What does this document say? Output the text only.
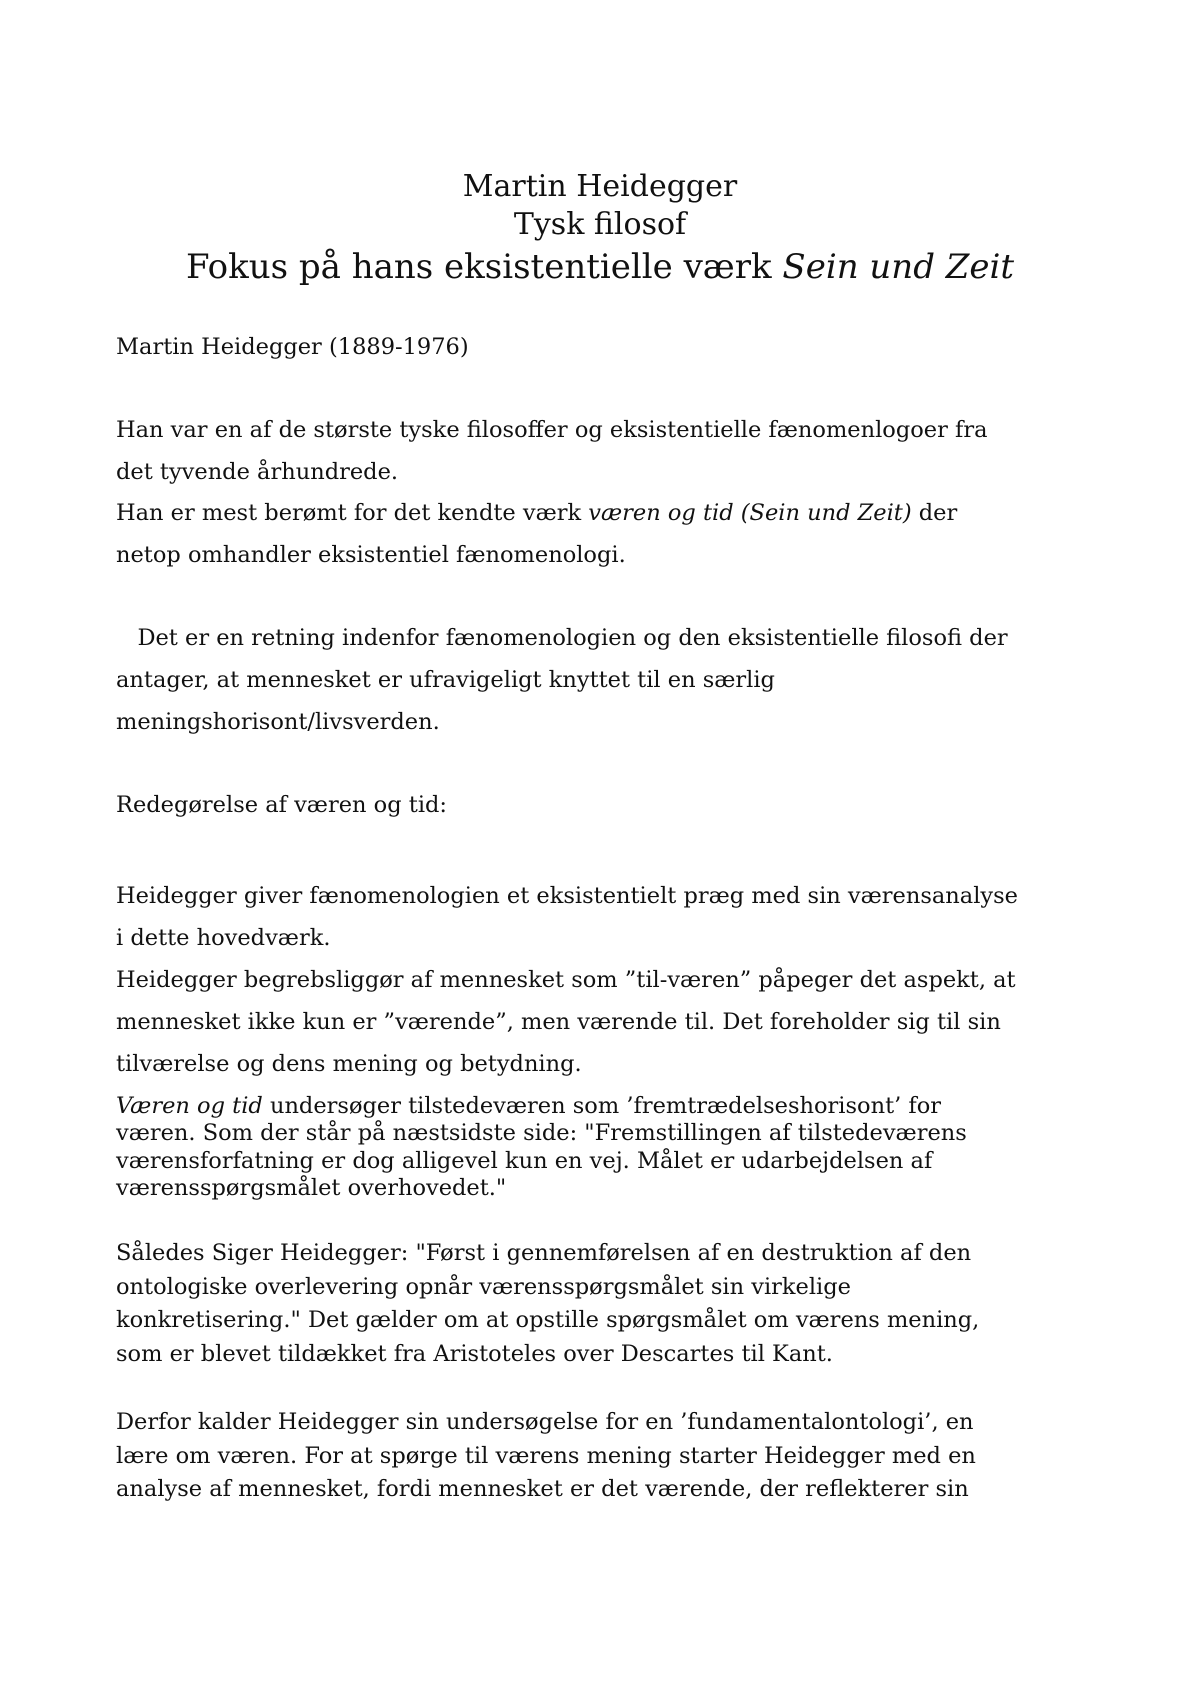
Martin Heidegger
Tysk filosof
Fokus på hans eksistentielle værk Sein und Zeit

Martin Heidegger (1889-1976)

Han var en af de største tyske filosoffer og eksistentielle fænomenlogoer fra

det tyvende århundrede.

Han er mest berømt for det kendte værk væren og tid (Sein und Zeit) der

netop omhandler eksistentiel fænomenologi.

Det er en retning indenfor fænomenologien og den eksistentielle filosofi der

antager, at mennesket er ufravigeligt knyttet til en særlig

meningshorisont/livsverden.

Redegørelse af væren og tid:

Heidegger giver fænomenologien et eksistentielt præg med sin værensanalyse

i dette hovedværk.

Heidegger begrebsliggør af mennesket som ”til-væren” påpeger det aspekt, at

mennesket ikke kun er ”værende”, men værende til. Det foreholder sig til sin

tilværelse og dens mening og betydning.

Væren og tid undersøger tilstedeværen som ’fremtrædelseshorisont’ for

væren. Som der står på næstsidste side: "Fremstillingen af tilstedeværens

værensforfatning er dog alligevel kun en vej. Målet er udarbejdelsen af

værensspørgsmålet overhovedet."

Således Siger Heidegger: "Først i gennemførelsen af en destruktion af den

ontologiske overlevering opnår værensspørgsmålet sin virkelige

konkretisering." Det gælder om at opstille spørgsmålet om værens mening,

som er blevet tildækket fra Aristoteles over Descartes til Kant.

Derfor kalder Heidegger sin undersøgelse for en ’fundamentalontologi’, en

lære om væren. For at spørge til værens mening starter Heidegger med en

analyse af mennesket, fordi mennesket er det værende, der reflekterer sin
